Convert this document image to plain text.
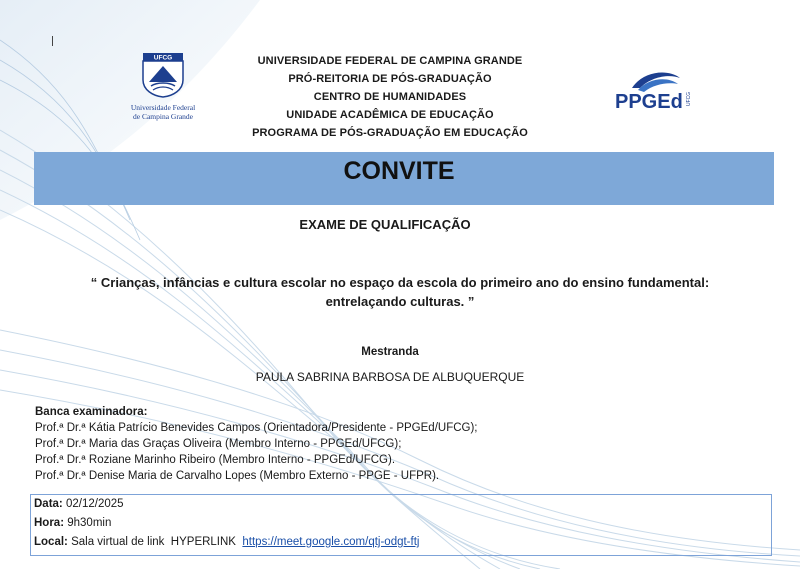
UFCG
Universidade Federal
de Campina Grande
PPGEd UFCG
UNIVERSIDADE FEDERAL DE CAMPINA GRANDE
PRÓ-REITORIA DE PÓS-GRADUAÇÃO
CENTRO DE HUMANIDADES
UNIDADE ACADÊMICA DE EDUCAÇÃO
PROGRAMA DE PÓS-GRADUAÇÃO EM EDUCAÇÃO
CONVITE
EXAME DE QUALIFICAÇÃO
“ Crianças, infâncias e cultura escolar no espaço da escola do primeiro ano do ensino fundamental:
entrelaçando culturas. ”
Mestranda
PAULA SABRINA BARBOSA DE ALBUQUERQUE
Banca examinadora:
Prof.ª Dr.ª Kátia Patrício Benevides Campos (Orientadora/Presidente - PPGEd/UFCG);
Prof.ª Dr.ª Maria das Graças Oliveira (Membro Interno - PPGEd/UFCG);
Prof.ª Dr.ª Roziane Marinho Ribeiro (Membro Interno - PPGEd/UFCG).
Prof.ª Dr.ª Denise Maria de Carvalho Lopes (Membro Externo - PPGE - UFPR).
Data: 02/12/2025
Hora: 9h30min
Local: Sala virtual de link  HYPERLINK  https://meet.google.com/qtj-odgt-ftj
